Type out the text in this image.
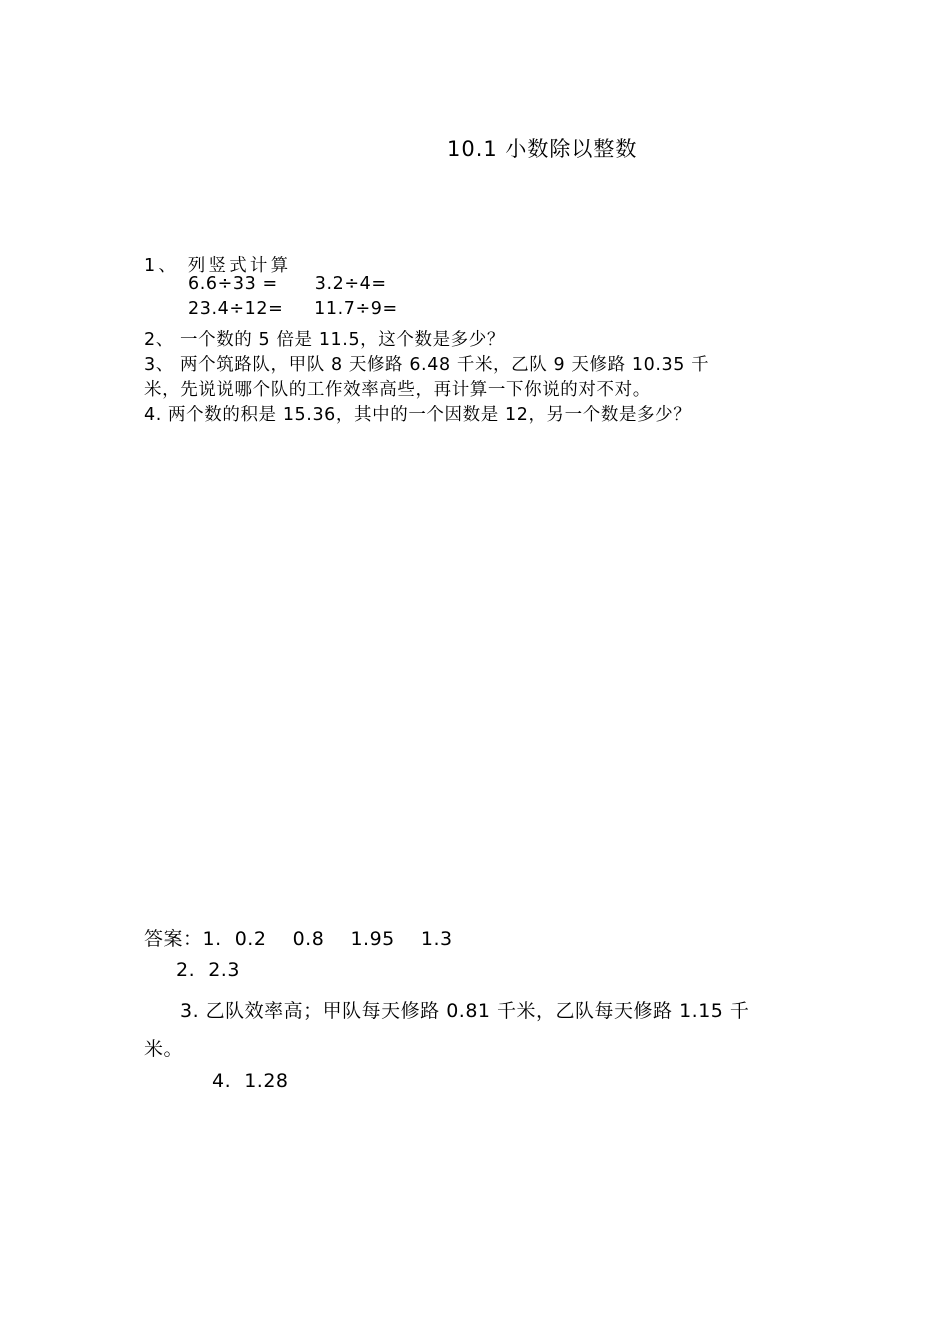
10.1 小数除以整数
1、 列竖式计算
6.6÷33 =      3.2÷4=
23.4÷12=     11.7÷9=
2、 一个数的 5 倍是 11.5，这个数是多少？
3、 两个筑路队，甲队 8 天修路 6.48 千米，乙队 9 天修路 10.35 千
米，先说说哪个队的工作效率高些，再计算一下你说的对不对。
4. 两个数的积是 15.36，其中的一个因数是 12，另一个数是多少？
答案：1.  0.2    0.8    1.95    1.3
2.  2.3
3. 乙队效率高；甲队每天修路 0.81 千米，乙队每天修路 1.15 千
米。
4.  1.28
